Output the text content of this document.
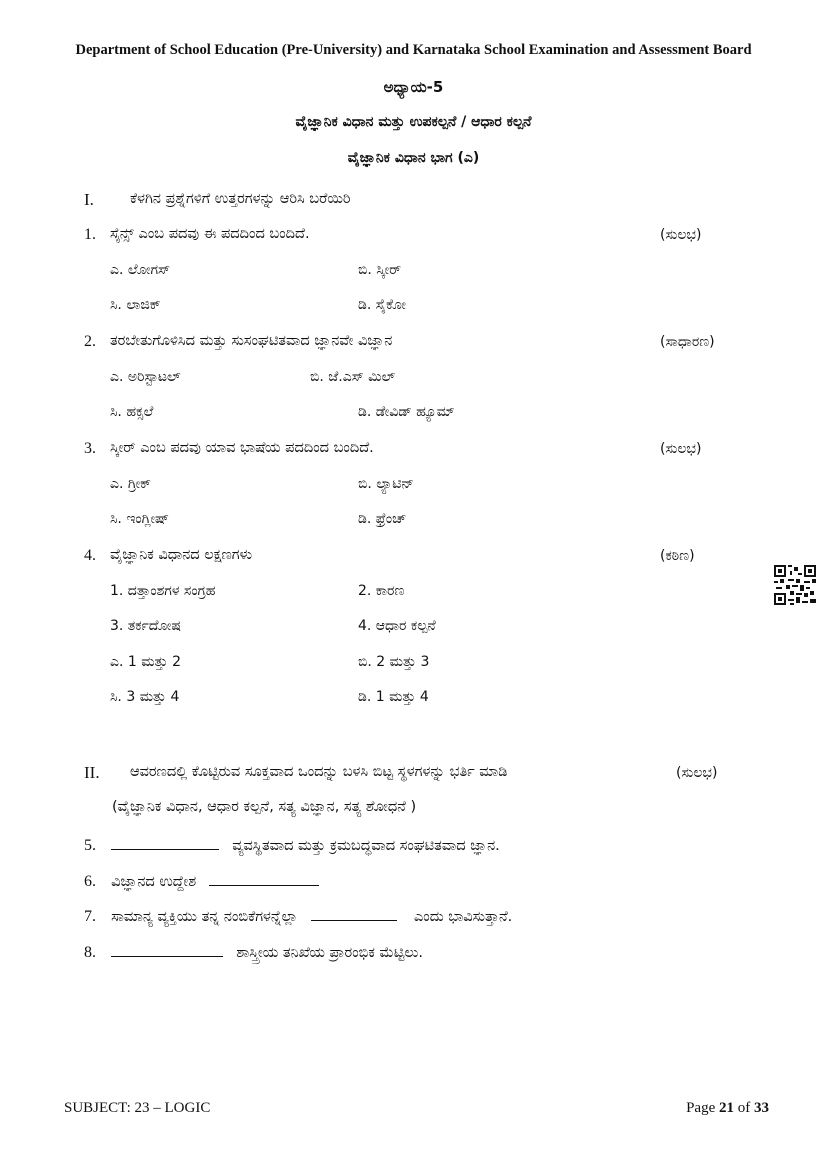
Department of School Education (Pre-University) and Karnataka School Examination and Assessment Board
ಅಧ್ಯಾಯ-5
ವೈಜ್ಞಾನಿಕ ವಿಧಾನ ಮತ್ತು ಉಪಕಲ್ಪನೆ / ಆಧಾರ ಕಲ್ಪನೆ
ವೈಜ್ಞಾನಿಕ ವಿಧಾನ ಭಾಗ (ಎ)
I. ಕೆಳಗಿನ ಪ್ರಶ್ನೆಗಳಿಗೆ ಉತ್ತರಗಳನ್ನು ಆರಿಸಿ ಬರೆಯಿರಿ
1. ಸೈನ್ಸ್ ಎಂಬ ಪದವು ಈ ಪದದಿಂದ ಬಂದಿದೆ.	(ಸುಲಭ)
ಎ. ಲೋಗಸ್	ಬಿ. ಸ್ಕೀರ್
ಸಿ. ಲಾಜಿಕ್	ಡಿ. ಸೈಕೋ
2. ತರಬೇತುಗೊಳಿಸಿದ ಮತ್ತು ಸುಸಂಘಟಿತವಾದ ಜ್ಞಾನವೇ ವಿಜ್ಞಾನ	(ಸಾಧಾರಣ)
ಎ. ಅರಿಸ್ಟಾಟಲ್	ಬಿ. ಜೆ.ಎಸ್ ಮಿಲ್
ಸಿ. ಹಕ್ಸಲೆ	ಡಿ. ಡೇವಿಡ್ ಹ್ಯೂಮ್
3. ಸ್ಕೀರ್ ಎಂಬ ಪದವು ಯಾವ ಭಾಷೆಯ ಪದದಿಂದ ಬಂದಿದೆ.	(ಸುಲಭ)
ಎ. ಗ್ರೀಕ್	ಬಿ. ಲ್ಯಾಟಿನ್
ಸಿ. ಇಂಗ್ಲೀಷ್	ಡಿ. ಫ್ರೆಂಚ್
4. ವೈಜ್ಞಾನಿಕ ವಿಧಾನದ ಲಕ್ಷಣಗಳು	(ಕಠಿಣ)
1. ದತ್ತಾಂಶಗಳ ಸಂಗ್ರಹ	2. ಕಾರಣ
3. ತರ್ಕದೋಷ	4. ಆಧಾರ ಕಲ್ಪನೆ
ಎ. 1 ಮತ್ತು 2	ಬಿ. 2 ಮತ್ತು 3
ಸಿ. 3 ಮತ್ತು 4	ಡಿ. 1 ಮತ್ತು 4
II. ಆವರಣದಲ್ಲಿ ಕೊಟ್ಟಿರುವ ಸೂಕ್ತವಾದ ಒಂದನ್ನು ಬಳಸಿ ಬಿಟ್ಟ ಸ್ಥಳಗಳನ್ನು ಭರ್ತಿ ಮಾಡಿ	(ಸುಲಭ)
(ವೈಜ್ಞಾನಿಕ ವಿಧಾನ, ಆಧಾರ ಕಲ್ಪನೆ, ಸತ್ಯ ವಿಜ್ಞಾನ, ಸತ್ಯ ಶೋಧನೆ )
5.	ವ್ಯವಸ್ಥಿತವಾದ ಮತ್ತು ಕ್ರಮಬದ್ಧವಾದ ಸಂಘಟಿತವಾದ ಜ್ಞಾನ.
6. ವಿಜ್ಞಾನದ ಉದ್ದೇಶ
7. ಸಾಮಾನ್ಯ ವ್ಯಕ್ತಿಯು ತನ್ನ ನಂಬಿಕೆಗಳನ್ನೆಲ್ಲಾ	ಎಂದು ಭಾವಿಸುತ್ತಾನೆ.
8.	ಶಾಸ್ತ್ರೀಯ ತನಿಖೆಯ ಪ್ರಾರಂಭಿಕ ಮೆಟ್ಟಿಲು.
SUBJECT: 23 – LOGIC	Page 21 of 33
